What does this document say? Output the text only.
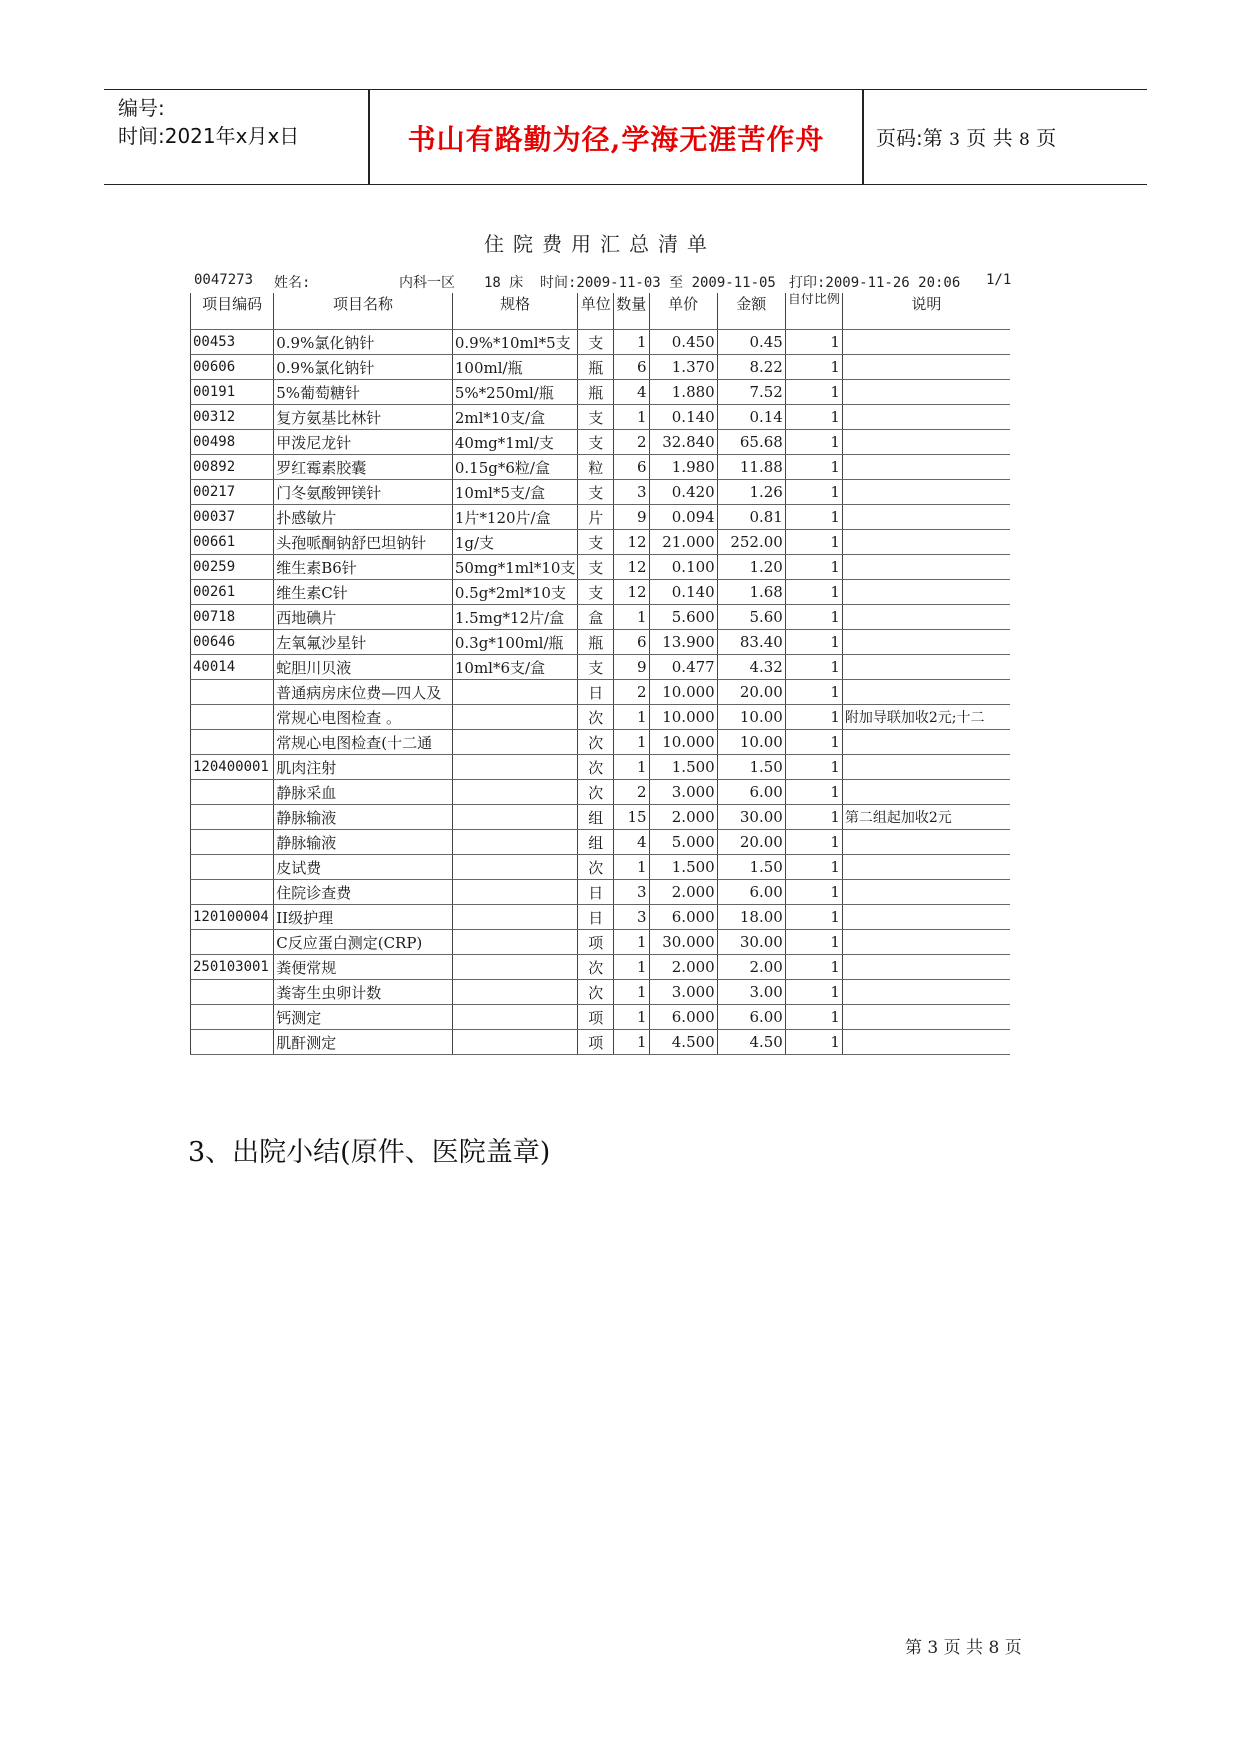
编号:
时间:2021年x月x日	书山有路勤为径,学海无涯苦作舟	页码:第 3 页 共 8 页
住院费用汇总清单
0047273 姓名:	内科一区 18 床 时间:2009-11-03 至 2009-11-05 打印:2009-11-26 20:06 1/1
项目编码	项目名称	规格	单位	数量	单价	金额	自付比例	说明
00453	0.9%氯化钠针	0.9%*10ml*5支	支	1	0.450	0.45	1	
00606	0.9%氯化钠针	100ml/瓶	瓶	6	1.370	8.22	1	
00191	5%葡萄糖针	5%*250ml/瓶	瓶	4	1.880	7.52	1	
00312	复方氨基比林针	2ml*10支/盒	支	1	0.140	0.14	1	
00498	甲泼尼龙针	40mg*1ml/支	支	2	32.840	65.68	1	
00892	罗红霉素胶囊	0.15g*6粒/盒	粒	6	1.980	11.88	1	
00217	门冬氨酸钾镁针	10ml*5支/盒	支	3	0.420	1.26	1	
00037	扑感敏片	1片*120片/盒	片	9	0.094	0.81	1	
00661	头孢哌酮钠舒巴坦钠针	1g/支	支	12	21.000	252.00	1	
00259	维生素B6针	50mg*1ml*10支	支	12	0.100	1.20	1	
00261	维生素C针	0.5g*2ml*10支	支	12	0.140	1.68	1	
00718	西地碘片	1.5mg*12片/盒	盒	1	5.600	5.60	1	
00646	左氧氟沙星针	0.3g*100ml/瓶	瓶	6	13.900	83.40	1	
40014	蛇胆川贝液	10ml*6支/盒	支	9	0.477	4.32	1	
	普通病房床位费—四人及		日	2	10.000	20.00	1	
	常规心电图检查 。		次	1	10.000	10.00	1	附加导联加收2元;十二
	常规心电图检查(十二通		次	1	10.000	10.00	1	
120400001	肌肉注射		次	1	1.500	1.50	1	
	静脉采血		次	2	3.000	6.00	1	
	静脉输液		组	15	2.000	30.00	1	第二组起加收2元
	静脉输液		组	4	5.000	20.00	1	
	皮试费		次	1	1.500	1.50	1	
	住院诊查费		日	3	2.000	6.00	1	
120100004	II级护理		日	3	6.000	18.00	1	
	C反应蛋白测定(CRP)		项	1	30.000	30.00	1	
250103001	粪便常规		次	1	2.000	2.00	1	
	粪寄生虫卵计数		次	1	3.000	3.00	1	
	钙测定		项	1	6.000	6.00	1	
	肌酐测定		项	1	4.500	4.50	1	
3、出院小结(原件、医院盖章)
第 3 页 共 8 页
